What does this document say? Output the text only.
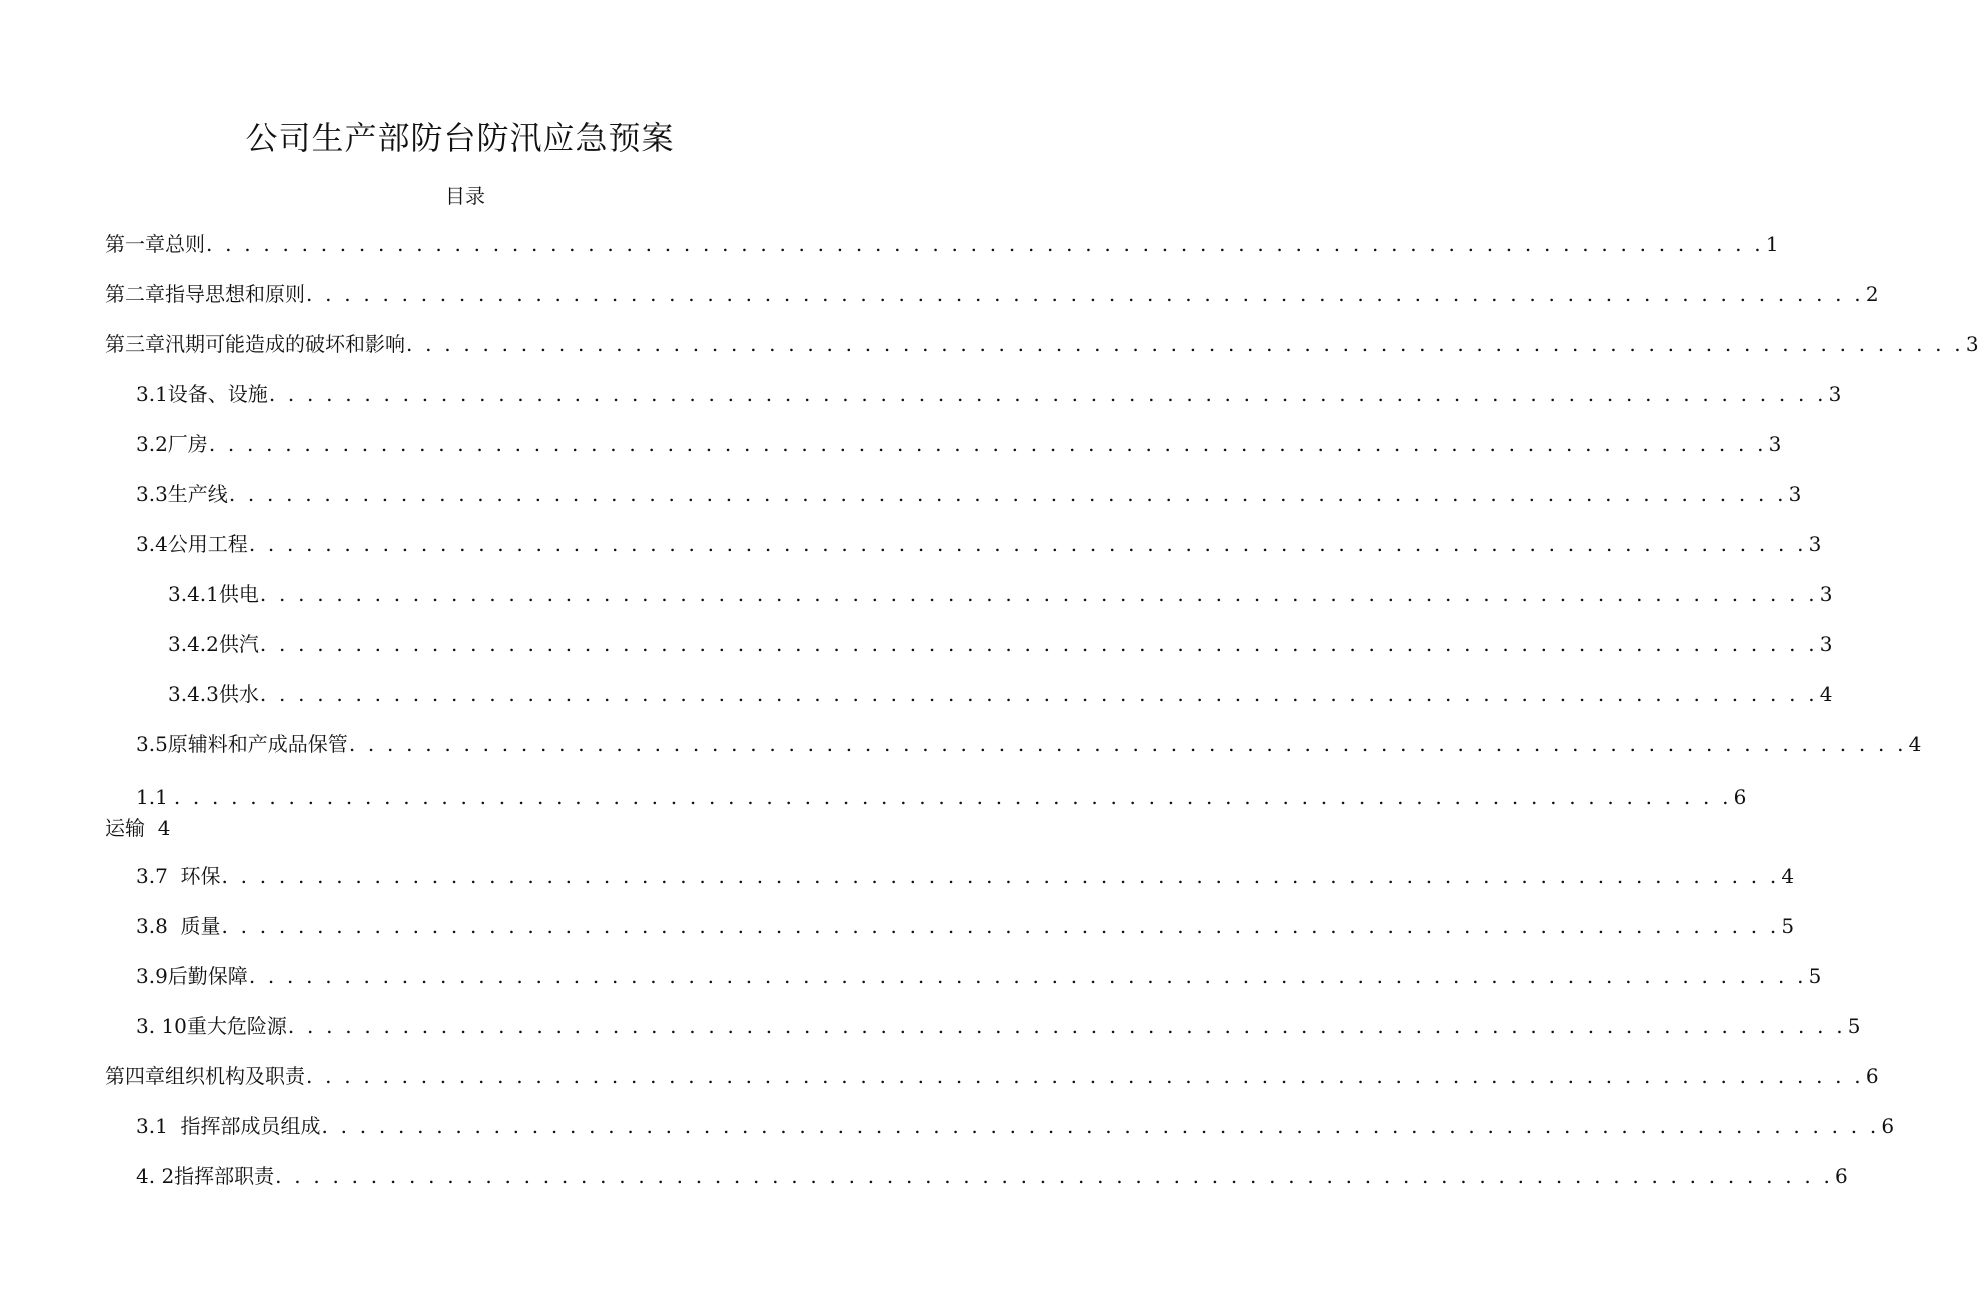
公司生产部防台防汛应急预案
目录
第一章总则 . . . . . . . . . . . . . . . . . . . . . . . . . . . . . . . . . . . . . . . . . . . . . . . . . . . . . . . . . . . . . . . . . . . . . . . . . . . . . . . . . . 1
第二章指导思想和原则 . . . . . . . . . . . . . . . . . . . . . . . . . . . . . . . . . . . . . . . . . . . . . . . . . . . . . . . . . . . . . . . . . . . . . . . . . . . . . . . . . . 2
第三章汛期可能造成的破坏和影响 . . . . . . . . . . . . . . . . . . . . . . . . . . . . . . . . . . . . . . . . . . . . . . . . . . . . . . . . . . . . . . . . . . . . . . . . . . . . . . . . . . 3
3.1设备、设施 . . . . . . . . . . . . . . . . . . . . . . . . . . . . . . . . . . . . . . . . . . . . . . . . . . . . . . . . . . . . . . . . . . . . . . . . . . . . . . . . . . 3
3.2厂房 . . . . . . . . . . . . . . . . . . . . . . . . . . . . . . . . . . . . . . . . . . . . . . . . . . . . . . . . . . . . . . . . . . . . . . . . . . . . . . . . . . 3
3.3生产线 . . . . . . . . . . . . . . . . . . . . . . . . . . . . . . . . . . . . . . . . . . . . . . . . . . . . . . . . . . . . . . . . . . . . . . . . . . . . . . . . . . 3
3.4公用工程 . . . . . . . . . . . . . . . . . . . . . . . . . . . . . . . . . . . . . . . . . . . . . . . . . . . . . . . . . . . . . . . . . . . . . . . . . . . . . . . . . . 3
3.4.1供电 . . . . . . . . . . . . . . . . . . . . . . . . . . . . . . . . . . . . . . . . . . . . . . . . . . . . . . . . . . . . . . . . . . . . . . . . . . . . . . . . . . 3
3.4.2供汽 . . . . . . . . . . . . . . . . . . . . . . . . . . . . . . . . . . . . . . . . . . . . . . . . . . . . . . . . . . . . . . . . . . . . . . . . . . . . . . . . . . 3
3.4.3供水 . . . . . . . . . . . . . . . . . . . . . . . . . . . . . . . . . . . . . . . . . . . . . . . . . . . . . . . . . . . . . . . . . . . . . . . . . . . . . . . . . . 4
3.5原辅料和产成品保管 . . . . . . . . . . . . . . . . . . . . . . . . . . . . . . . . . . . . . . . . . . . . . . . . . . . . . . . . . . . . . . . . . . . . . . . . . . . . . . . . . . 4
1.1 . . . . . . . . . . . . . . . . . . . . . . . . . . . . . . . . . . . . . . . . . . . . . . . . . . . . . . . . . . . . . . . . . . . . . . . . . . . . . . . . . . 6
运输  4
3.7  环保 . . . . . . . . . . . . . . . . . . . . . . . . . . . . . . . . . . . . . . . . . . . . . . . . . . . . . . . . . . . . . . . . . . . . . . . . . . . . . . . . . . 4
3.8  质量 . . . . . . . . . . . . . . . . . . . . . . . . . . . . . . . . . . . . . . . . . . . . . . . . . . . . . . . . . . . . . . . . . . . . . . . . . . . . . . . . . . 5
3.9后勤保障 . . . . . . . . . . . . . . . . . . . . . . . . . . . . . . . . . . . . . . . . . . . . . . . . . . . . . . . . . . . . . . . . . . . . . . . . . . . . . . . . . . 5
3. 10重大危险源 . . . . . . . . . . . . . . . . . . . . . . . . . . . . . . . . . . . . . . . . . . . . . . . . . . . . . . . . . . . . . . . . . . . . . . . . . . . . . . . . . . 5
第四章组织机构及职责 . . . . . . . . . . . . . . . . . . . . . . . . . . . . . . . . . . . . . . . . . . . . . . . . . . . . . . . . . . . . . . . . . . . . . . . . . . . . . . . . . . 6
3.1  指挥部成员组成 . . . . . . . . . . . . . . . . . . . . . . . . . . . . . . . . . . . . . . . . . . . . . . . . . . . . . . . . . . . . . . . . . . . . . . . . . . . . . . . . . . 6
4. 2指挥部职责 . . . . . . . . . . . . . . . . . . . . . . . . . . . . . . . . . . . . . . . . . . . . . . . . . . . . . . . . . . . . . . . . . . . . . . . . . . . . . . . . . . 6
